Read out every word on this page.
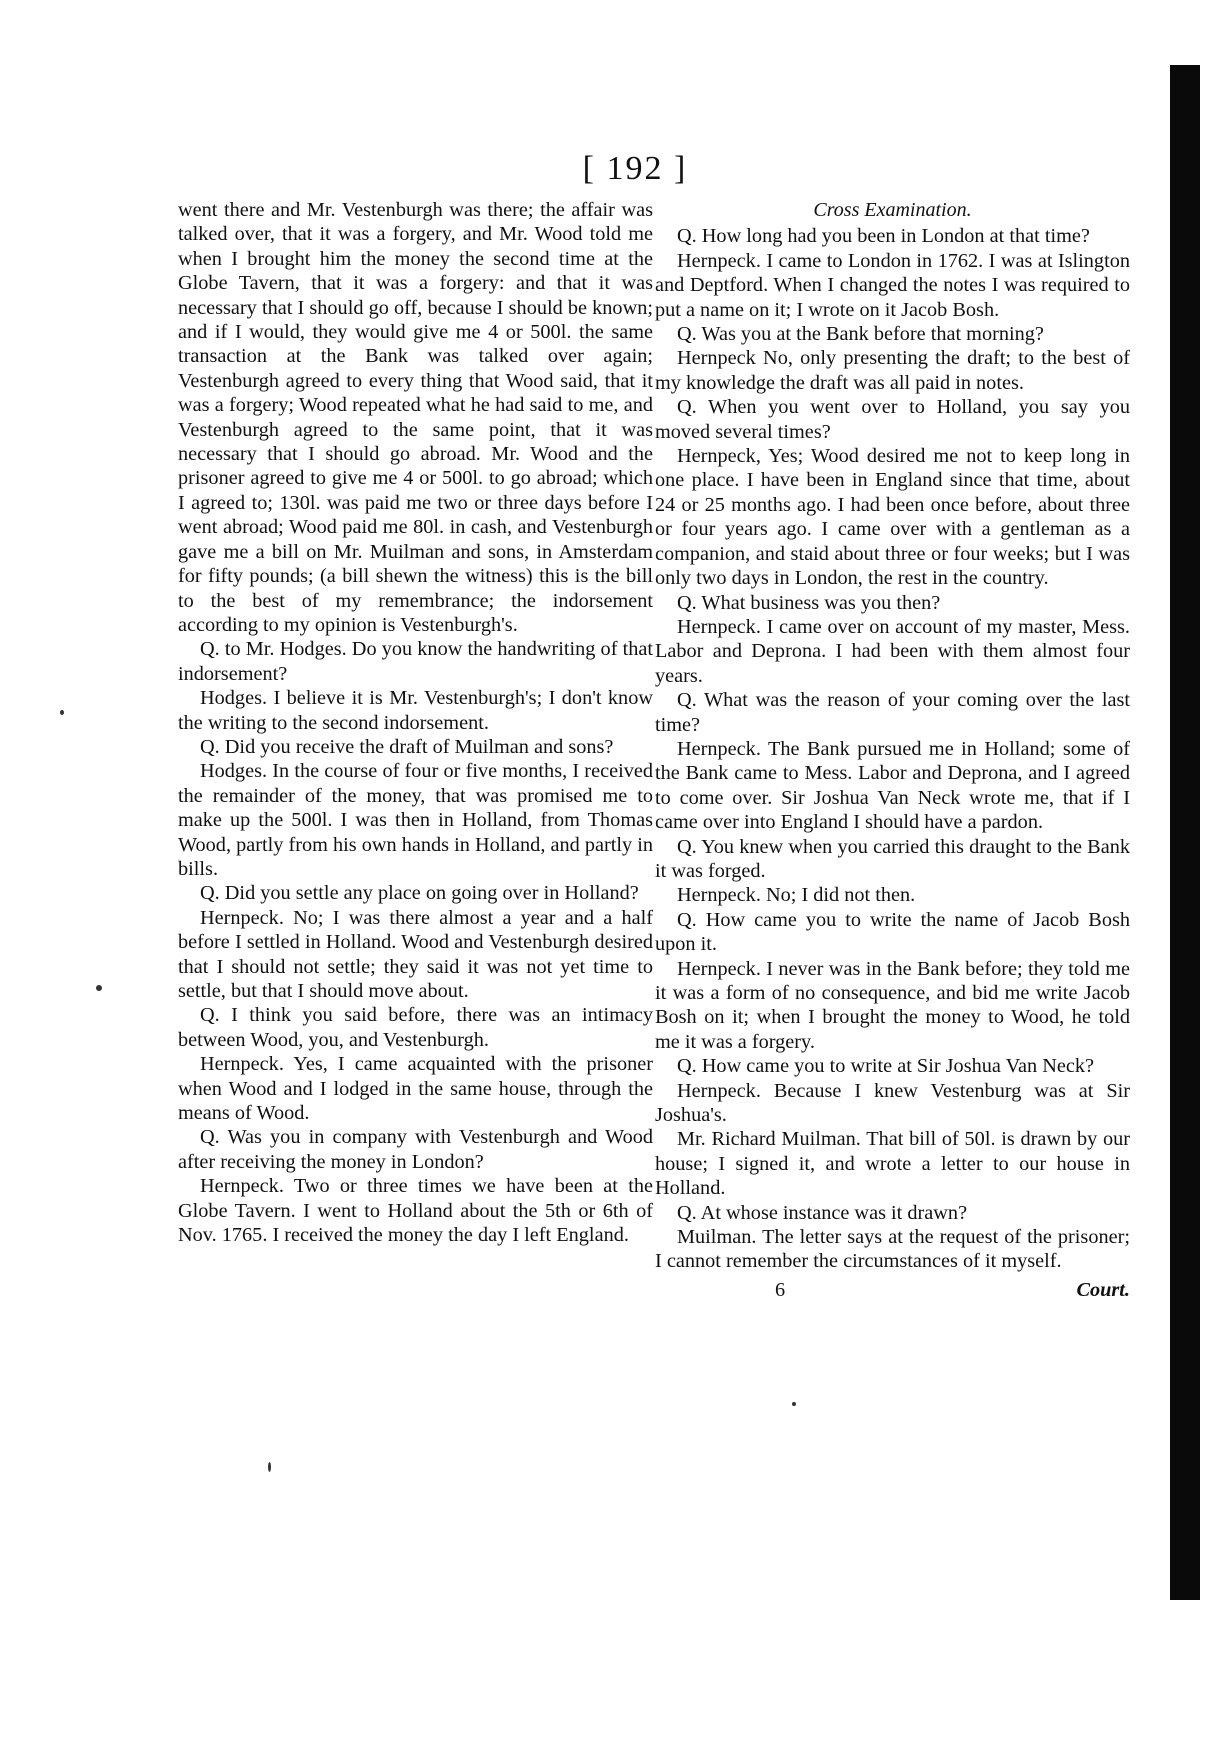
[ 192 ]

went there and Mr. Vestenburgh was there; the affair was talked over, that it was a forgery, and Mr. Wood told me when I brought him the money the second time at the Globe Tavern, that it was a forgery: and that it was necessary that I should go off, because I should be known; and if I would, they would give me 4 or 500l. the same transaction at the Bank was talked over again; Vestenburgh agreed to every thing that Wood said, that it was a forgery; Wood repeated what he had said to me, and Vestenburgh agreed to the same point, that it was necessary that I should go abroad. Mr. Wood and the prisoner agreed to give me 4 or 500l. to go abroad; which I agreed to; 130l. was paid me two or three days before I went abroad; Wood paid me 80l. in cash, and Vestenburgh gave me a bill on Mr. Muilman and sons, in Amsterdam for fifty pounds; (a bill shewn the witness) this is the bill to the best of my remembrance; the indorsement according to my opinion is Vestenburgh's.

Q. to Mr. Hodges. Do you know the handwriting of that indorsement?

Hodges. I believe it is Mr. Vestenburgh's; I don't know the writing to the second indorsement.

Q. Did you receive the draft of Muilman and sons?

Hodges. In the course of four or five months, I received the remainder of the money, that was promised me to make up the 500l. I was then in Holland, from Thomas Wood, partly from his own hands in Holland, and partly in bills.

Q. Did you settle any place on going over in Holland?

Hernpeck. No; I was there almost a year and a half before I settled in Holland. Wood and Vestenburgh desired that I should not settle; they said it was not yet time to settle, but that I should move about.

Q. I think you said before, there was an intimacy between Wood, you, and Vestenburgh.

Hernpeck. Yes, I came acquainted with the prisoner when Wood and I lodged in the same house, through the means of Wood.

Q. Was you in company with Vestenburgh and Wood after receiving the money in London?

Hernpeck. Two or three times we have been at the Globe Tavern. I went to Holland about the 5th or 6th of Nov. 1765. I received the money the day I left England.

Cross Examination.

Q. How long had you been in London at that time?

Hernpeck. I came to London in 1762. I was at Islington and Deptford. When I changed the notes I was required to put a name on it; I wrote on it Jacob Bosh.

Q. Was you at the Bank before that morning?

Hernpeck No, only presenting the draft; to the best of my knowledge the draft was all paid in notes.

Q. When you went over to Holland, you say you moved several times?

Hernpeck, Yes; Wood desired me not to keep long in one place. I have been in England since that time, about 24 or 25 months ago. I had been once before, about three or four years ago. I came over with a gentleman as a companion, and staid about three or four weeks; but I was only two days in London, the rest in the country.

Q. What business was you then?

Hernpeck. I came over on account of my master, Mess. Labor and Deprona. I had been with them almost four years.

Q. What was the reason of your coming over the last time?

Hernpeck. The Bank pursued me in Holland; some of the Bank came to Mess. Labor and Deprona, and I agreed to come over. Sir Joshua Van Neck wrote me, that if I came over into England I should have a pardon.

Q. You knew when you carried this draught to the Bank it was forged.

Hernpeck. No; I did not then.

Q. How came you to write the name of Jacob Bosh upon it.

Hernpeck. I never was in the Bank before; they told me it was a form of no consequence, and bid me write Jacob Bosh on it; when I brought the money to Wood, he told me it was a forgery.

Q. How came you to write at Sir Joshua Van Neck?

Hernpeck. Because I knew Vestenburg was at Sir Joshua's.

Mr. Richard Muilman. That bill of 50l. is drawn by our house; I signed it, and wrote a letter to our house in Holland.

Q. At whose instance was it drawn?

Muilman. The letter says at the request of the prisoner; I cannot remember the circumstances of it myself.

6	Court.
